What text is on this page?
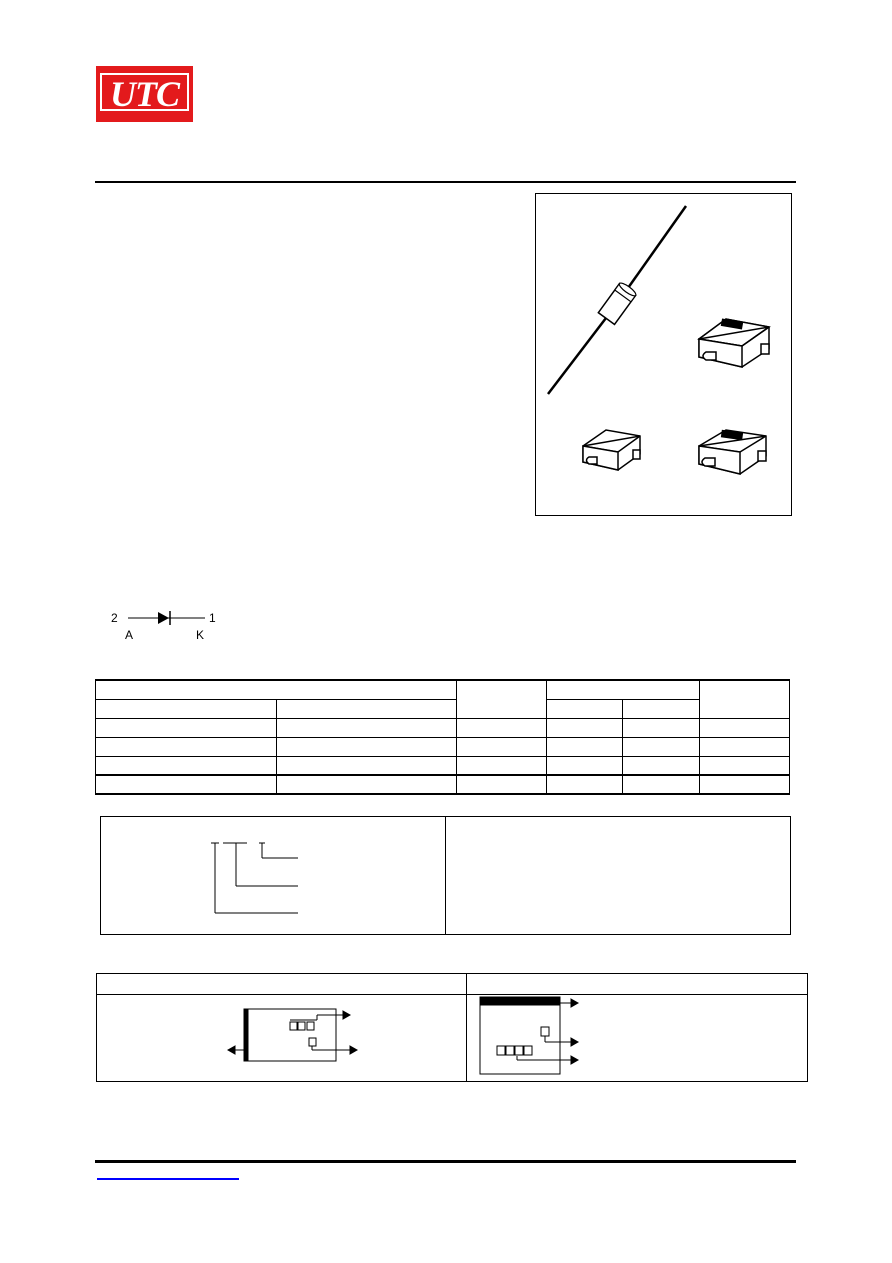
UTC
2	1
A	K
